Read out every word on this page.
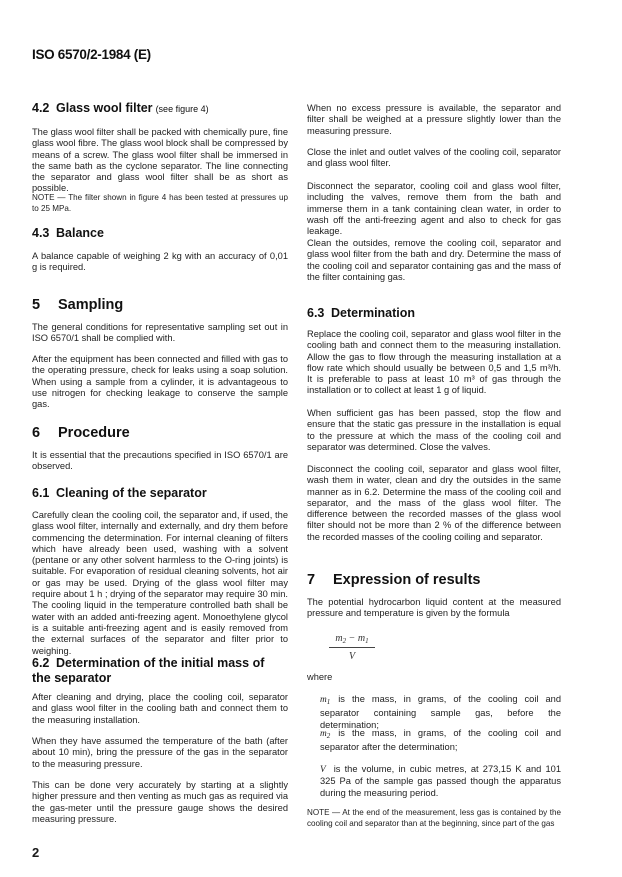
ISO 6570/2-1984 (E)
4.2 Glass wool filter (see figure 4)
The glass wool filter shall be packed with chemically pure, fine glass wool fibre. The glass wool block shall be compressed by means of a screw. The glass wool filter shall be immersed in the same bath as the cyclone separator. The line connecting the separator and glass wool filter shall be as short as possible.
NOTE — The filter shown in figure 4 has been tested at pressures up to 25 MPa.
4.3 Balance
A balance capable of weighing 2 kg with an accuracy of 0,01 g is required.
5 Sampling
The general conditions for representative sampling set out in ISO 6570/1 shall be complied with.
After the equipment has been connected and filled with gas to the operating pressure, check for leaks using a soap solution. When using a sample from a cylinder, it is advantageous to use nitrogen for checking leakage to conserve the sample gas.
6 Procedure
It is essential that the precautions specified in ISO 6570/1 are observed.
6.1 Cleaning of the separator
Carefully clean the cooling coil, the separator and, if used, the glass wool filter, internally and externally, and dry them before commencing the determination. For internal cleaning of filters which have already been used, washing with a solvent (pentane or any other solvent harmless to the O-ring joints) is suitable. For evaporation of residual cleaning solvents, hot air or gas may be used. Drying of the glass wool filter may require about 1 h ; drying of the separator may require 30 min. The cooling liquid in the temperature controlled bath shall be water with an added anti-freezing agent. Monoethylene glycol is a suitable anti-freezing agent and is easily removed from the external surfaces of the separator and filter prior to weighing.
6.2 Determination of the initial mass of
the separator
After cleaning and drying, place the cooling coil, separator and glass wool filter in the cooling bath and connect them to the measuring installation.
When they have assumed the temperature of the bath (after about 10 min), bring the pressure of the gas in the separator to the measuring pressure.
This can be done very accurately by starting at a slightly higher pressure and then venting as much gas as required via the gas-meter until the pressure gauge shows the desired measuring pressure.
2
When no excess pressure is available, the separator and filter shall be weighed at a pressure slightly lower than the measuring pressure.
Close the inlet and outlet valves of the cooling coil, separator and glass wool filter.
Disconnect the separator, cooling coil and glass wool filter, including the valves, remove them from the bath and immerse them in a tank containing clean water, in order to wash off the anti-freezing agent and also to check for gas leakage.
Clean the outsides, remove the cooling coil, separator and glass wool filter from the bath and dry. Determine the mass of the cooling coil and separator containing gas and the mass of the filter containing gas.
6.3 Determination
Replace the cooling coil, separator and glass wool filter in the cooling bath and connect them to the measuring installation. Allow the gas to flow through the measuring installation at a flow rate which should usually be between 0,5 and 1,5 m³/h. It is preferable to pass at least 10 m³ of gas through the installation or to collect at least 1 g of liquid.
When sufficient gas has been passed, stop the flow and ensure that the static gas pressure in the installation is equal to the pressure at which the mass of the cooling coil and separator was determined. Close the valves.
Disconnect the cooling coil, separator and glass wool filter, wash them in water, clean and dry the outsides in the same manner as in 6.2. Determine the mass of the cooling coil and separator, and the mass of the glass wool filter. The difference between the recorded masses of the glass wool filter should not be more than 2 % of the difference between the recorded masses of the cooling coiling and separator.
7 Expression of results
The potential hydrocarbon liquid content at the measured pressure and temperature is given by the formula
$m_2 - m_1$
V
where
$m_1$ is the mass, in grams, of the cooling coil and separator containing sample gas, before the determination;
$m_2$ is the mass, in grams, of the cooling coil and separator after the determination;
V is the volume, in cubic metres, at 273,15 K and 101 325 Pa of the sample gas passed though the apparatus during the measuring period.
NOTE — At the end of the measurement, less gas is contained by the cooling coil and separator than at the beginning, since part of the gas
